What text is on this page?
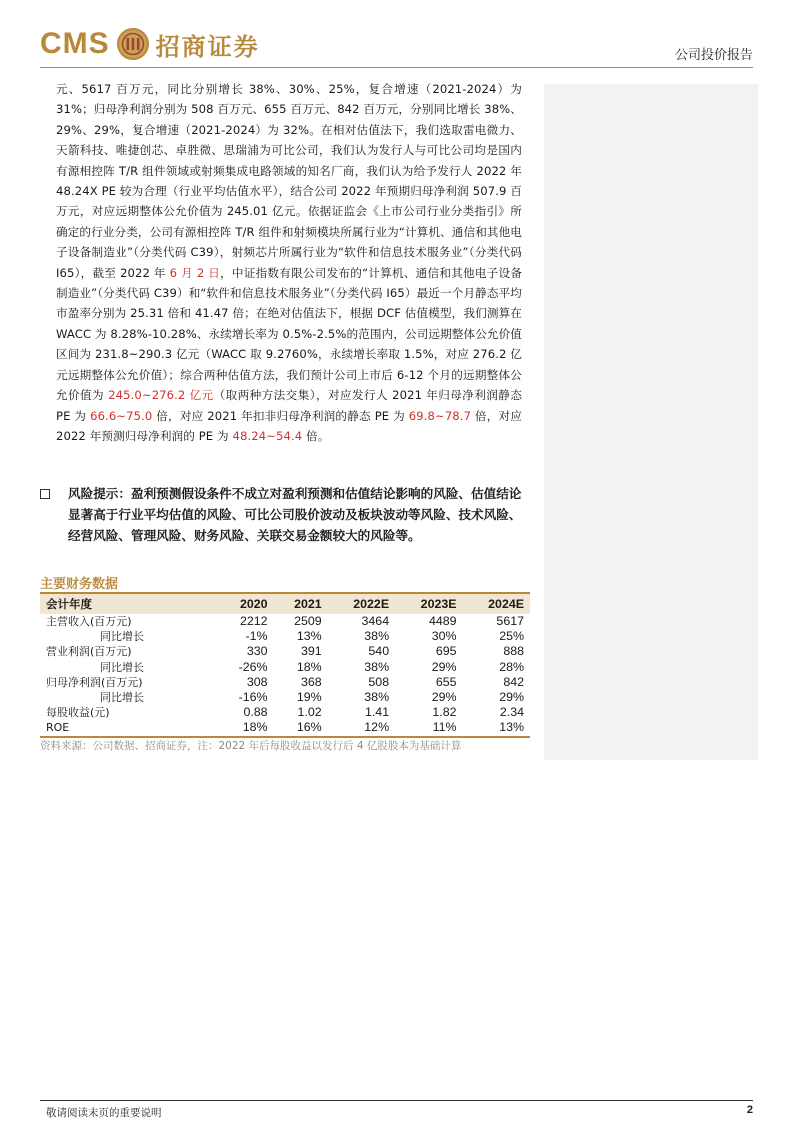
CMS 招商证券	公司投价报告
元、5617 百万元，同比分别增长 38%、30%、25%，复合增速（2021-2024）为 31%；归母净利润分别为 508 百万元、655 百万元、842 百万元，分别同比增长 38%、29%、29%，复合增速（2021-2024）为 32%。在相对估值法下，我们选取雷电微力、天箭科技、唯捷创芯、卓胜微、思瑞浦为可比公司，我们认为发行人与可比公司均是国内有源相控阵 T/R 组件领域或射频集成电路领域的知名厂商，我们认为给予发行人 2022 年 48.24X PE 较为合理（行业平均估值水平），结合公司 2022 年预期归母净利润 507.9 百万元，对应远期整体公允价值为 245.01 亿元。依据证监会《上市公司行业分类指引》所确定的行业分类，公司有源相控阵 T/R 组件和射频模块所属行业为“计算机、通信和其他电子设备制造业”（分类代码 C39），射频芯片所属行业为“软件和信息技术服务业”（分类代码 I65），截至 2022 年 6 月 2 日，中证指数有限公司发布的“计算机、通信和其他电子设备制造业”（分类代码 C39）和“软件和信息技术服务业”（分类代码 I65）最近一个月静态平均市盈率分别为 25.31 倍和 41.47 倍；在绝对估值法下，根据 DCF 估值模型，我们测算在 WACC 为 8.28%-10.28%、永续增长率为 0.5%-2.5%的范围内，公司远期整体公允价值区间为 231.8~290.3 亿元（WACC 取 9.2760%，永续增长率取 1.5%，对应 276.2 亿元远期整体公允价值）；综合两种估值方法，我们预计公司上市后 6-12 个月的远期整体公允价值为 245.0~276.2 亿元（取两种方法交集），对应发行人 2021 年归母净利润静态 PE 为 66.6~75.0 倍，对应 2021 年扣非归母净利润的静态 PE 为 69.8~78.7 倍，对应 2022 年预测归母净利润的 PE 为 48.24~54.4 倍。
风险提示：盈利预测假设条件不成立对盈利预测和估值结论影响的风险、估值结论显著高于行业平均估值的风险、可比公司股价波动及板块波动等风险、技术风险、经营风险、管理风险、财务风险、关联交易金额较大的风险等。
主要财务数据
会计年度	2020	2021	2022E	2023E	2024E
主营收入(百万元)	2212	2509	3464	4489	5617
同比增长	-1%	13%	38%	30%	25%
营业利润(百万元)	330	391	540	695	888
同比增长	-26%	18%	38%	29%	28%
归母净利润(百万元)	308	368	508	655	842
同比增长	-16%	19%	38%	29%	29%
每股收益(元)	0.88	1.02	1.41	1.82	2.34
ROE	18%	16%	12%	11%	13%
资料来源：公司数据、招商证券，注：2022 年后每股收益以发行后 4 亿股股本为基础计算
敬请阅读末页的重要说明	2
